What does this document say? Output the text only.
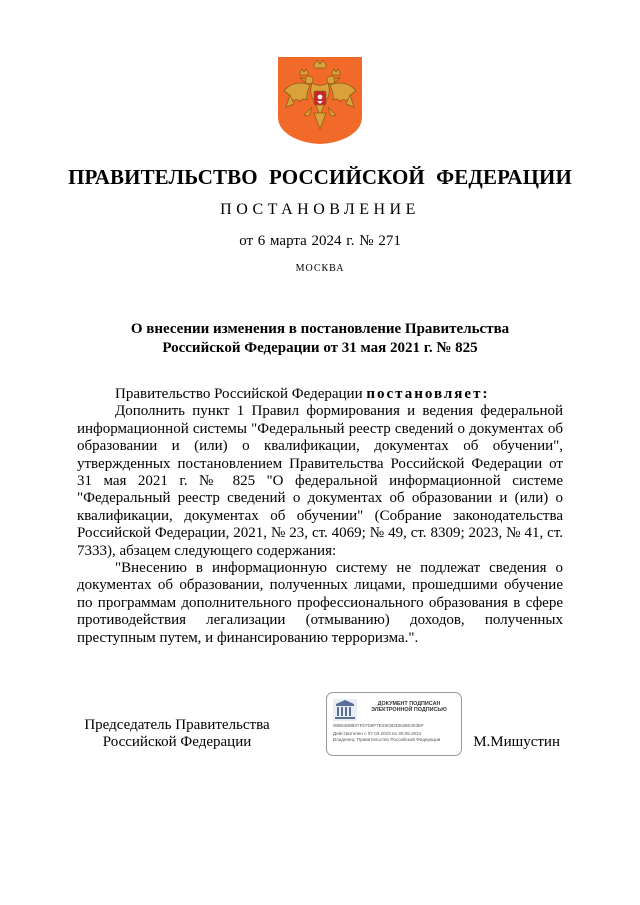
ПРАВИТЕЛЬСТВО РОССИЙСКОЙ ФЕДЕРАЦИИ
ПОСТАНОВЛЕНИЕ
от 6 марта 2024 г. № 271
МОСКВА
О внесении изменения в постановление Правительства
Российской Федерации от 31 мая 2021 г. № 825

Правительство Российской Федерации постановляет:

Дополнить пункт 1 Правил формирования и ведения федеральной информационной системы "Федеральный реестр сведений о документах об образовании и (или) о квалификации, документах об обучении", утвержденных постановлением Правительства Российской Федерации от 31 мая 2021 г. № 825 "О федеральной информационной системе "Федеральный реестр сведений о документах об образовании и (или) о квалификации, документах об обучении" (Собрание законодательства Российской Федерации, 2021, № 23, ст. 4069; № 49, ст. 8309; 2023, № 41, ст. 7333), абзацем следующего содержания:

"Внесению в информационную систему не подлежат сведения о документах об образовании, полученных лицами, прошедшими обучение по программам дополнительного профессионального образования в сфере противодействия легализации (отмыванию) доходов, полученных преступным путем, и финансированию терроризма.".

Председатель Правительства
Российской Федерации
ДОКУМЕНТ ПОДПИСАН
ЭЛЕКТРОННОЙ ПОДПИСЬЮ
00B5490B07F67D9F7E29CB2D81BE303EF
Действителен с 07.03.2023 по 30.05.2024
Владелец: Правительство Российской Федерации М.Мишустин
